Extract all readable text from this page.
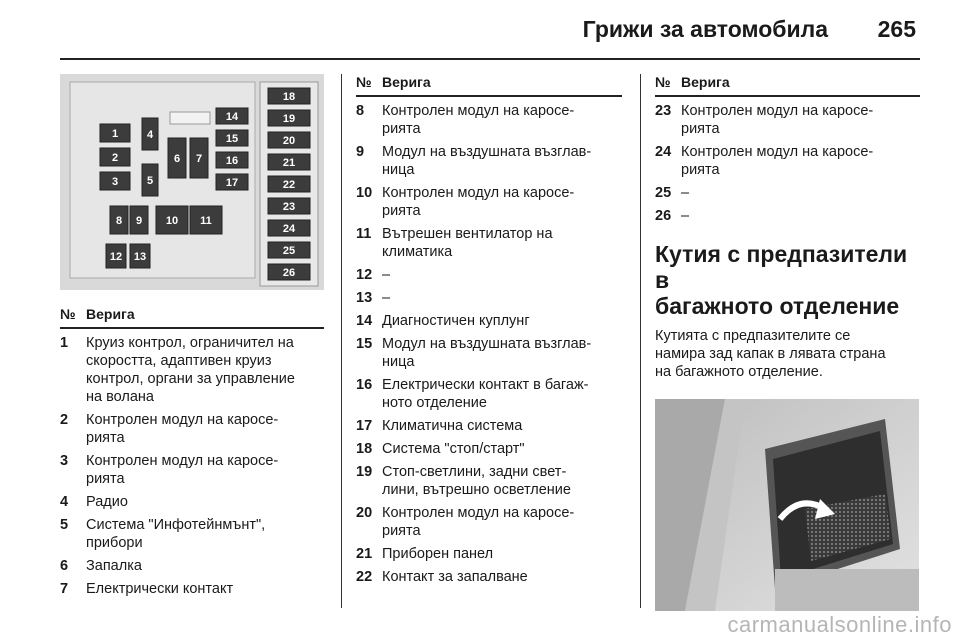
Грижи за автомобила 265
1
2
3
4
5
6 7
8 9 10 11
12 13
14
15
16
17
18
19
20
21
22
23
24
25
26
№ Верига
1	Круиз контрол, ограничител на
скоростта, адаптивен круиз
контрол, органи за управление
на волана
2	Контролен модул на каросе-
рията
3	Контролен модул на каросе-
рията
4	Радио
5	Система "Инфотейнмънт",
прибори
6	Запалка
7	Електрически контакт
№ Верига
8	Контролен модул на каросе-
рията
9	Модул на въздушната възглав-
ница
10 Контролен модул на каросе-
рията
11 Вътрешен вентилатор на
климатика
12 –
13 –
14 Диагностичен куплунг
15 Модул на въздушната възглав-
ница
16 Електрически контакт в багаж-
ното отделение
17 Климатична система
18 Система "стоп/старт"
19 Стоп-светлини, задни свет-
лини, вътрешно осветление
20 Контролен модул на каросе-
рията
21 Приборен панел
22 Контакт за запалване
№ Верига
23 Контролен модул на каросе-
рията
24 Контролен модул на каросе-
рията
25 –
26 –
Кутия с предпазители в
багажното отделение
Кутията с предпазителите се
намира зад капак в лявата страна
на багажното отделение.
carmanualsonline.info
